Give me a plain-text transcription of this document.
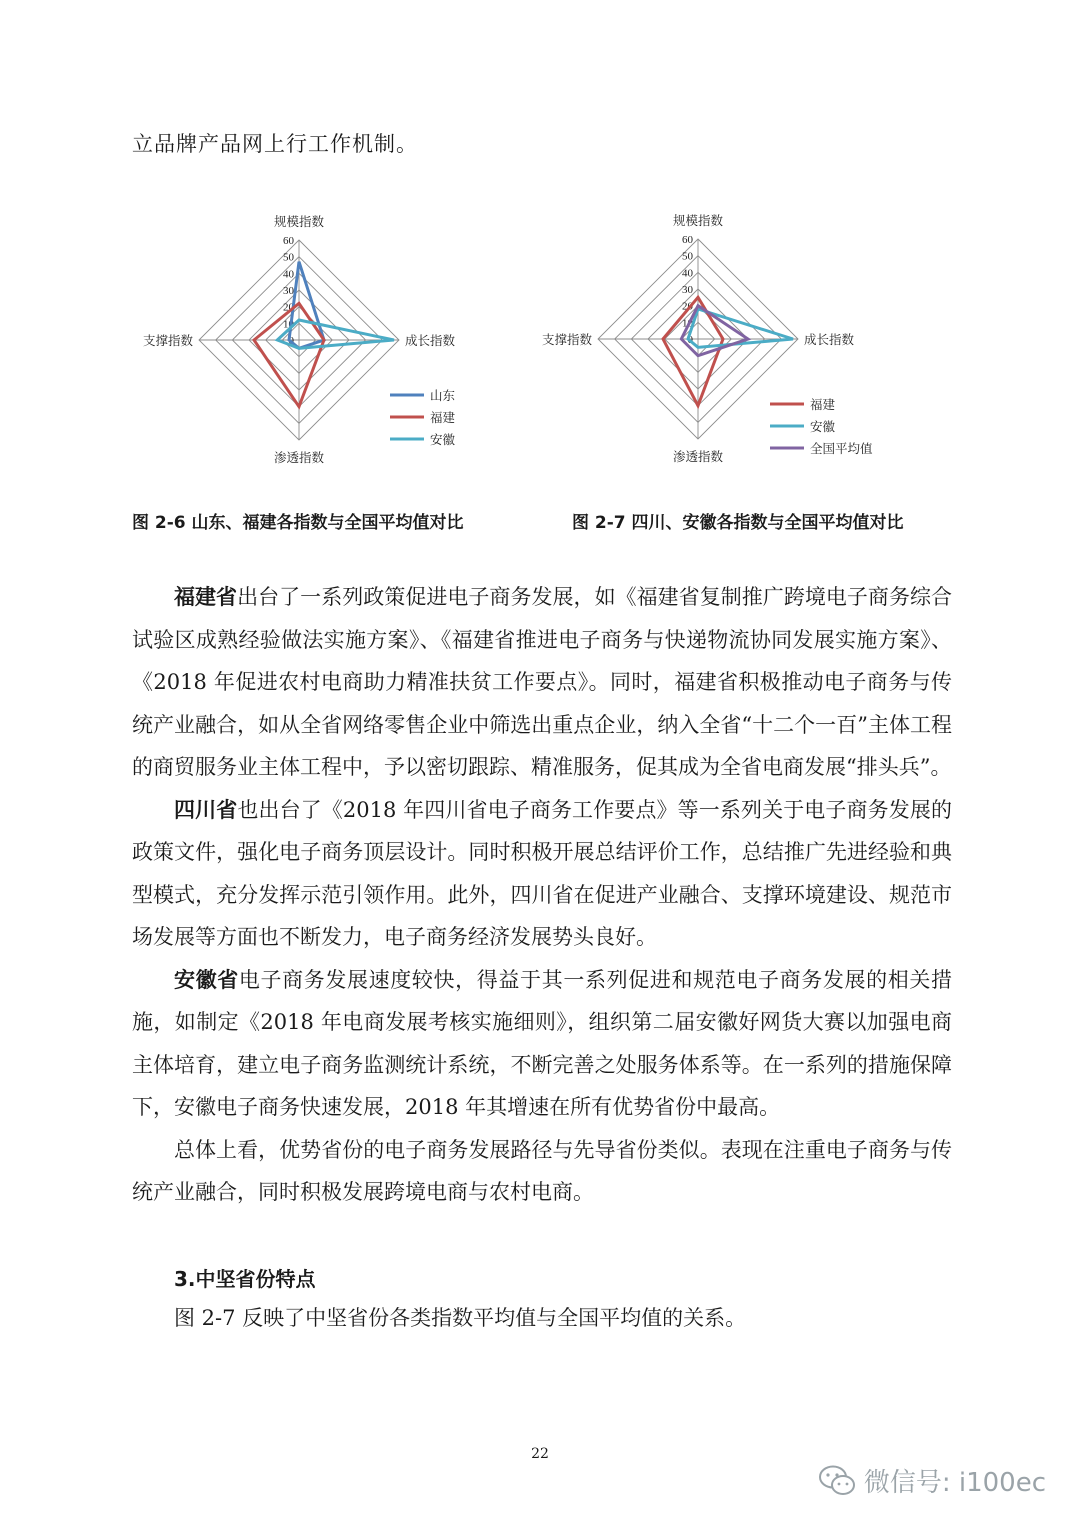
立品牌产品网上行工作机制。
0
10
20
30
40
50
60
规模指数
成长指数
渗透指数
支撑指数
山东
福建
安徽
0
10
20
30
40
50
60
规模指数
成长指数
渗透指数
支撑指数
福建
安徽
全国平均值
图 2-6 山东、福建各指数与全国平均值对比	图 2-7 四川、安徽各指数与全国平均值对比

福建省出台了一系列政策促进电子商务发展，如《福建省复制推广跨境电子商务综合试验区成熟经验做法实施方案》、《福建省推进电子商务与快递物流协同发展实施方案》、《2018 年促进农村电商助力精准扶贫工作要点》。同时，福建省积极推动电子商务与传统产业融合，如从全省网络零售企业中筛选出重点企业，纳入全省“十二个一百”主体工程的商贸服务业主体工程中，予以密切跟踪、精准服务，促其成为全省电商发展“排头兵”。

四川省也出台了《2018 年四川省电子商务工作要点》等一系列关于电子商务发展的政策文件，强化电子商务顶层设计。同时积极开展总结评价工作，总结推广先进经验和典型模式，充分发挥示范引领作用。此外，四川省在促进产业融合、支撑环境建设、规范市场发展等方面也不断发力，电子商务经济发展势头良好。

安徽省电子商务发展速度较快，得益于其一系列促进和规范电子商务发展的相关措施，如制定《2018 年电商发展考核实施细则》，组织第二届安徽好网货大赛以加强电商主体培育，建立电子商务监测统计系统，不断完善之处服务体系等。在一系列的措施保障下，安徽电子商务快速发展，2018 年其增速在所有优势省份中最高。

总体上看，优势省份的电子商务发展路径与先导省份类似。表现在注重电子商务与传统产业融合，同时积极发展跨境电商与农村电商。

3.中坚省份特点
图 2-7 反映了中坚省份各类指数平均值与全国平均值的关系。
22
微信号: i100ec
